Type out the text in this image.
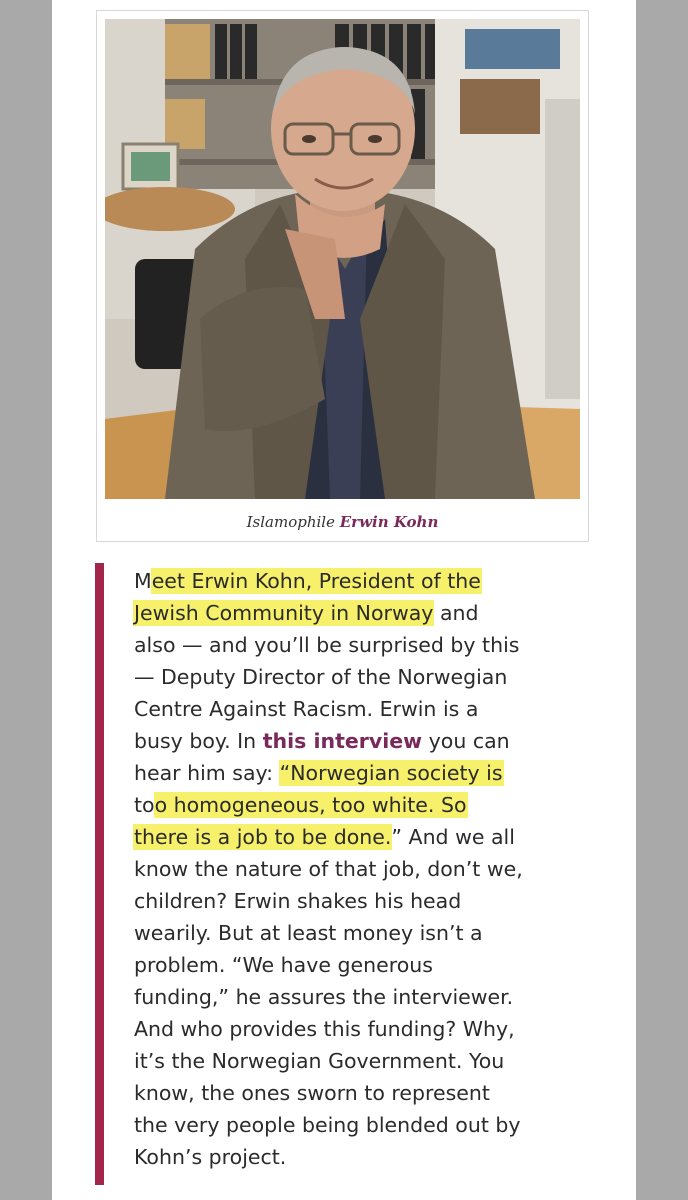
Islamophile Erwin Kohn
Meet Erwin Kohn, President of the
Jewish Community in Norway and
also — and you’ll be surprised by this
— Deputy Director of the Norwegian
Centre Against Racism. Erwin is a
busy boy. In this interview you can
hear him say: “Norwegian society is
too homogeneous, too white. So
there is a job to be done.” And we all
know the nature of that job, don’t we,
children? Erwin shakes his head
wearily. But at least money isn’t a
problem. “We have generous
funding,” he assures the interviewer.
And who provides this funding? Why,
it’s the Norwegian Government. You
know, the ones sworn to represent
the very people being blended out by
Kohn’s project.
